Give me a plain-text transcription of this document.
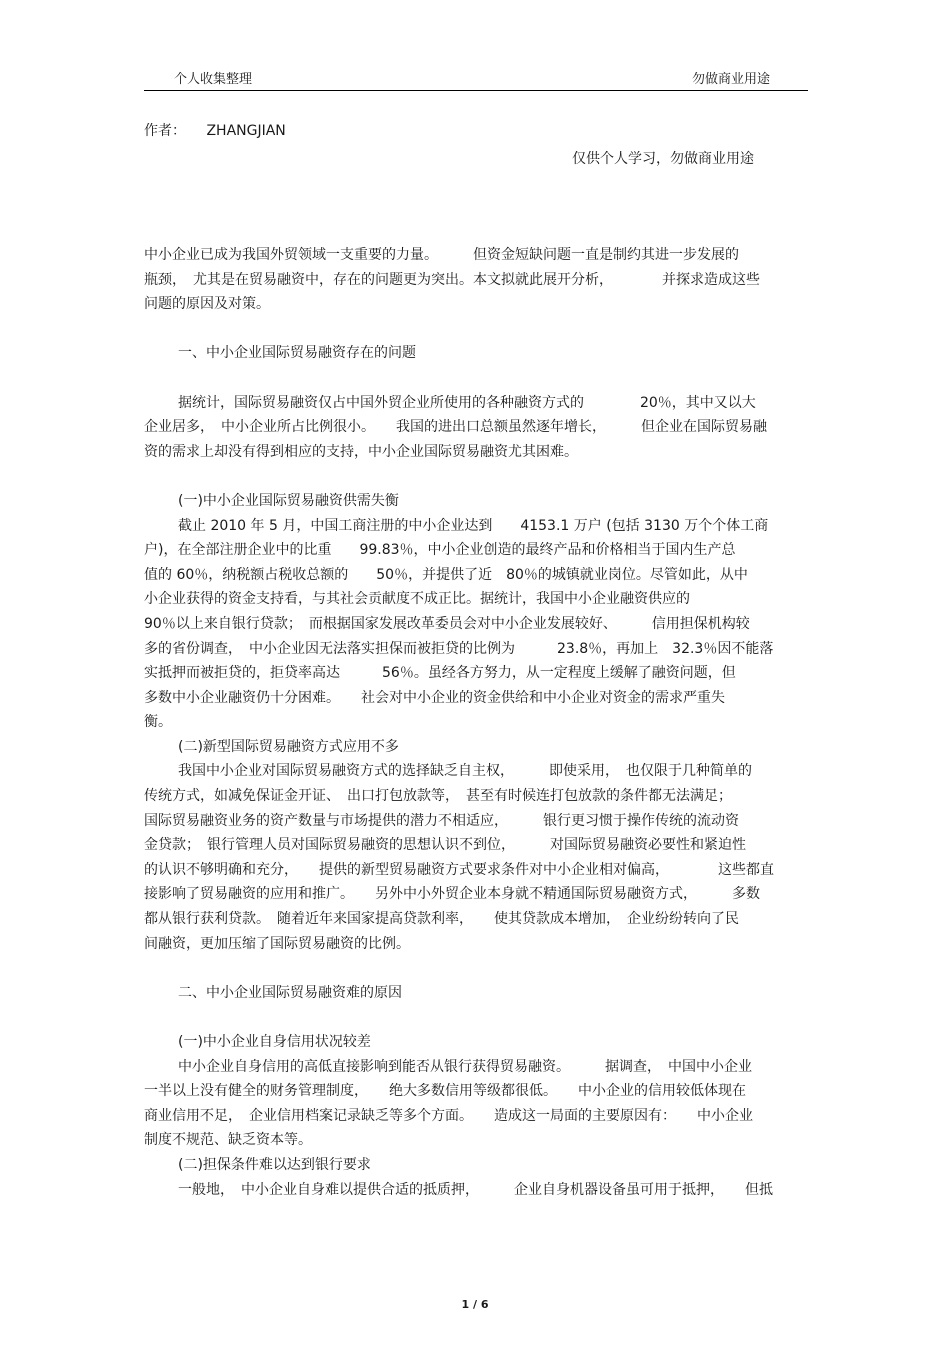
个人收集整理	勿做商业用途
作者： ZHANGJIAN
仅供个人学习，勿做商业用途
中小企业已成为我国外贸领域一支重要的力量。　　　但资金短缺问题一直是制约其进一步发展的
瓶颈，　尤其是在贸易融资中，存在的问题更为突出。本文拟就此展开分析，　　　　并探求造成这些
问题的原因及对策。
一、中小企业国际贸易融资存在的问题
据统计，国际贸易融资仅占中国外贸企业所使用的各种融资方式的　　　　20％，其中又以大
企业居多，　中小企业所占比例很小。　　我国的进出口总额虽然逐年增长，　　　但企业在国际贸易融
资的需求上却没有得到相应的支持，中小企业国际贸易融资尤其困难。
(一)中小企业国际贸易融资供需失衡
截止 2010 年 5 月，中国工商注册的中小企业达到　　4153.1 万户 (包括 3130 万个个体工商
户)，在全部注册企业中的比重　　99.83％，中小企业创造的最终产品和价格相当于国内生产总
值的 60％，纳税额占税收总额的　　50％，并提供了近　80％的城镇就业岗位。尽管如此，从中
小企业获得的资金支持看，与其社会贡献度不成正比。据统计，我国中小企业融资供应的
90％以上来自银行贷款；　而根据国家发展改革委员会对中小企业发展较好、　　　信用担保机构较
多的省份调查，　中小企业因无法落实担保而被拒贷的比例为　　　23.8％，再加上　32.3％因不能落
实抵押而被拒贷的，拒贷率高达　　　56％。虽经各方努力，从一定程度上缓解了融资问题，但
多数中小企业融资仍十分困难。　　社会对中小企业的资金供给和中小企业对资金的需求严重失
衡。
(二)新型国际贸易融资方式应用不多
我国中小企业对国际贸易融资方式的选择缺乏自主权，　　　即使采用，　也仅限于几种简单的
传统方式，如减免保证金开证、　出口打包放款等，　甚至有时候连打包放款的条件都无法满足；
国际贸易融资业务的资产数量与市场提供的潜力不相适应，　　　银行更习惯于操作传统的流动资
金贷款；　银行管理人员对国际贸易融资的思想认识不到位，　　　对国际贸易融资必要性和紧迫性
的认识不够明确和充分，　　提供的新型贸易融资方式要求条件对中小企业相对偏高，　　　　这些都直
接影响了贸易融资的应用和推广。　　另外中小外贸企业本身就不精通国际贸易融资方式，　　　多数
都从银行获利贷款。　随着近年来国家提高贷款利率，　　使其贷款成本增加，　企业纷纷转向了民
间融资，更加压缩了国际贸易融资的比例。
二、中小企业国际贸易融资难的原因
(一)中小企业自身信用状况较差
中小企业自身信用的高低直接影响到能否从银行获得贸易融资。　　　据调查，　中国中小企业
一半以上没有健全的财务管理制度，　　绝大多数信用等级都很低。　　中小企业的信用较低体现在
商业信用不足，　企业信用档案记录缺乏等多个方面。　　造成这一局面的主要原因有：　　中小企业
制度不规范、缺乏资本等。
(二)担保条件难以达到银行要求
一般地，　中小企业自身难以提供合适的抵质押，　　　企业自身机器设备虽可用于抵押，　　但抵
1 / 6
